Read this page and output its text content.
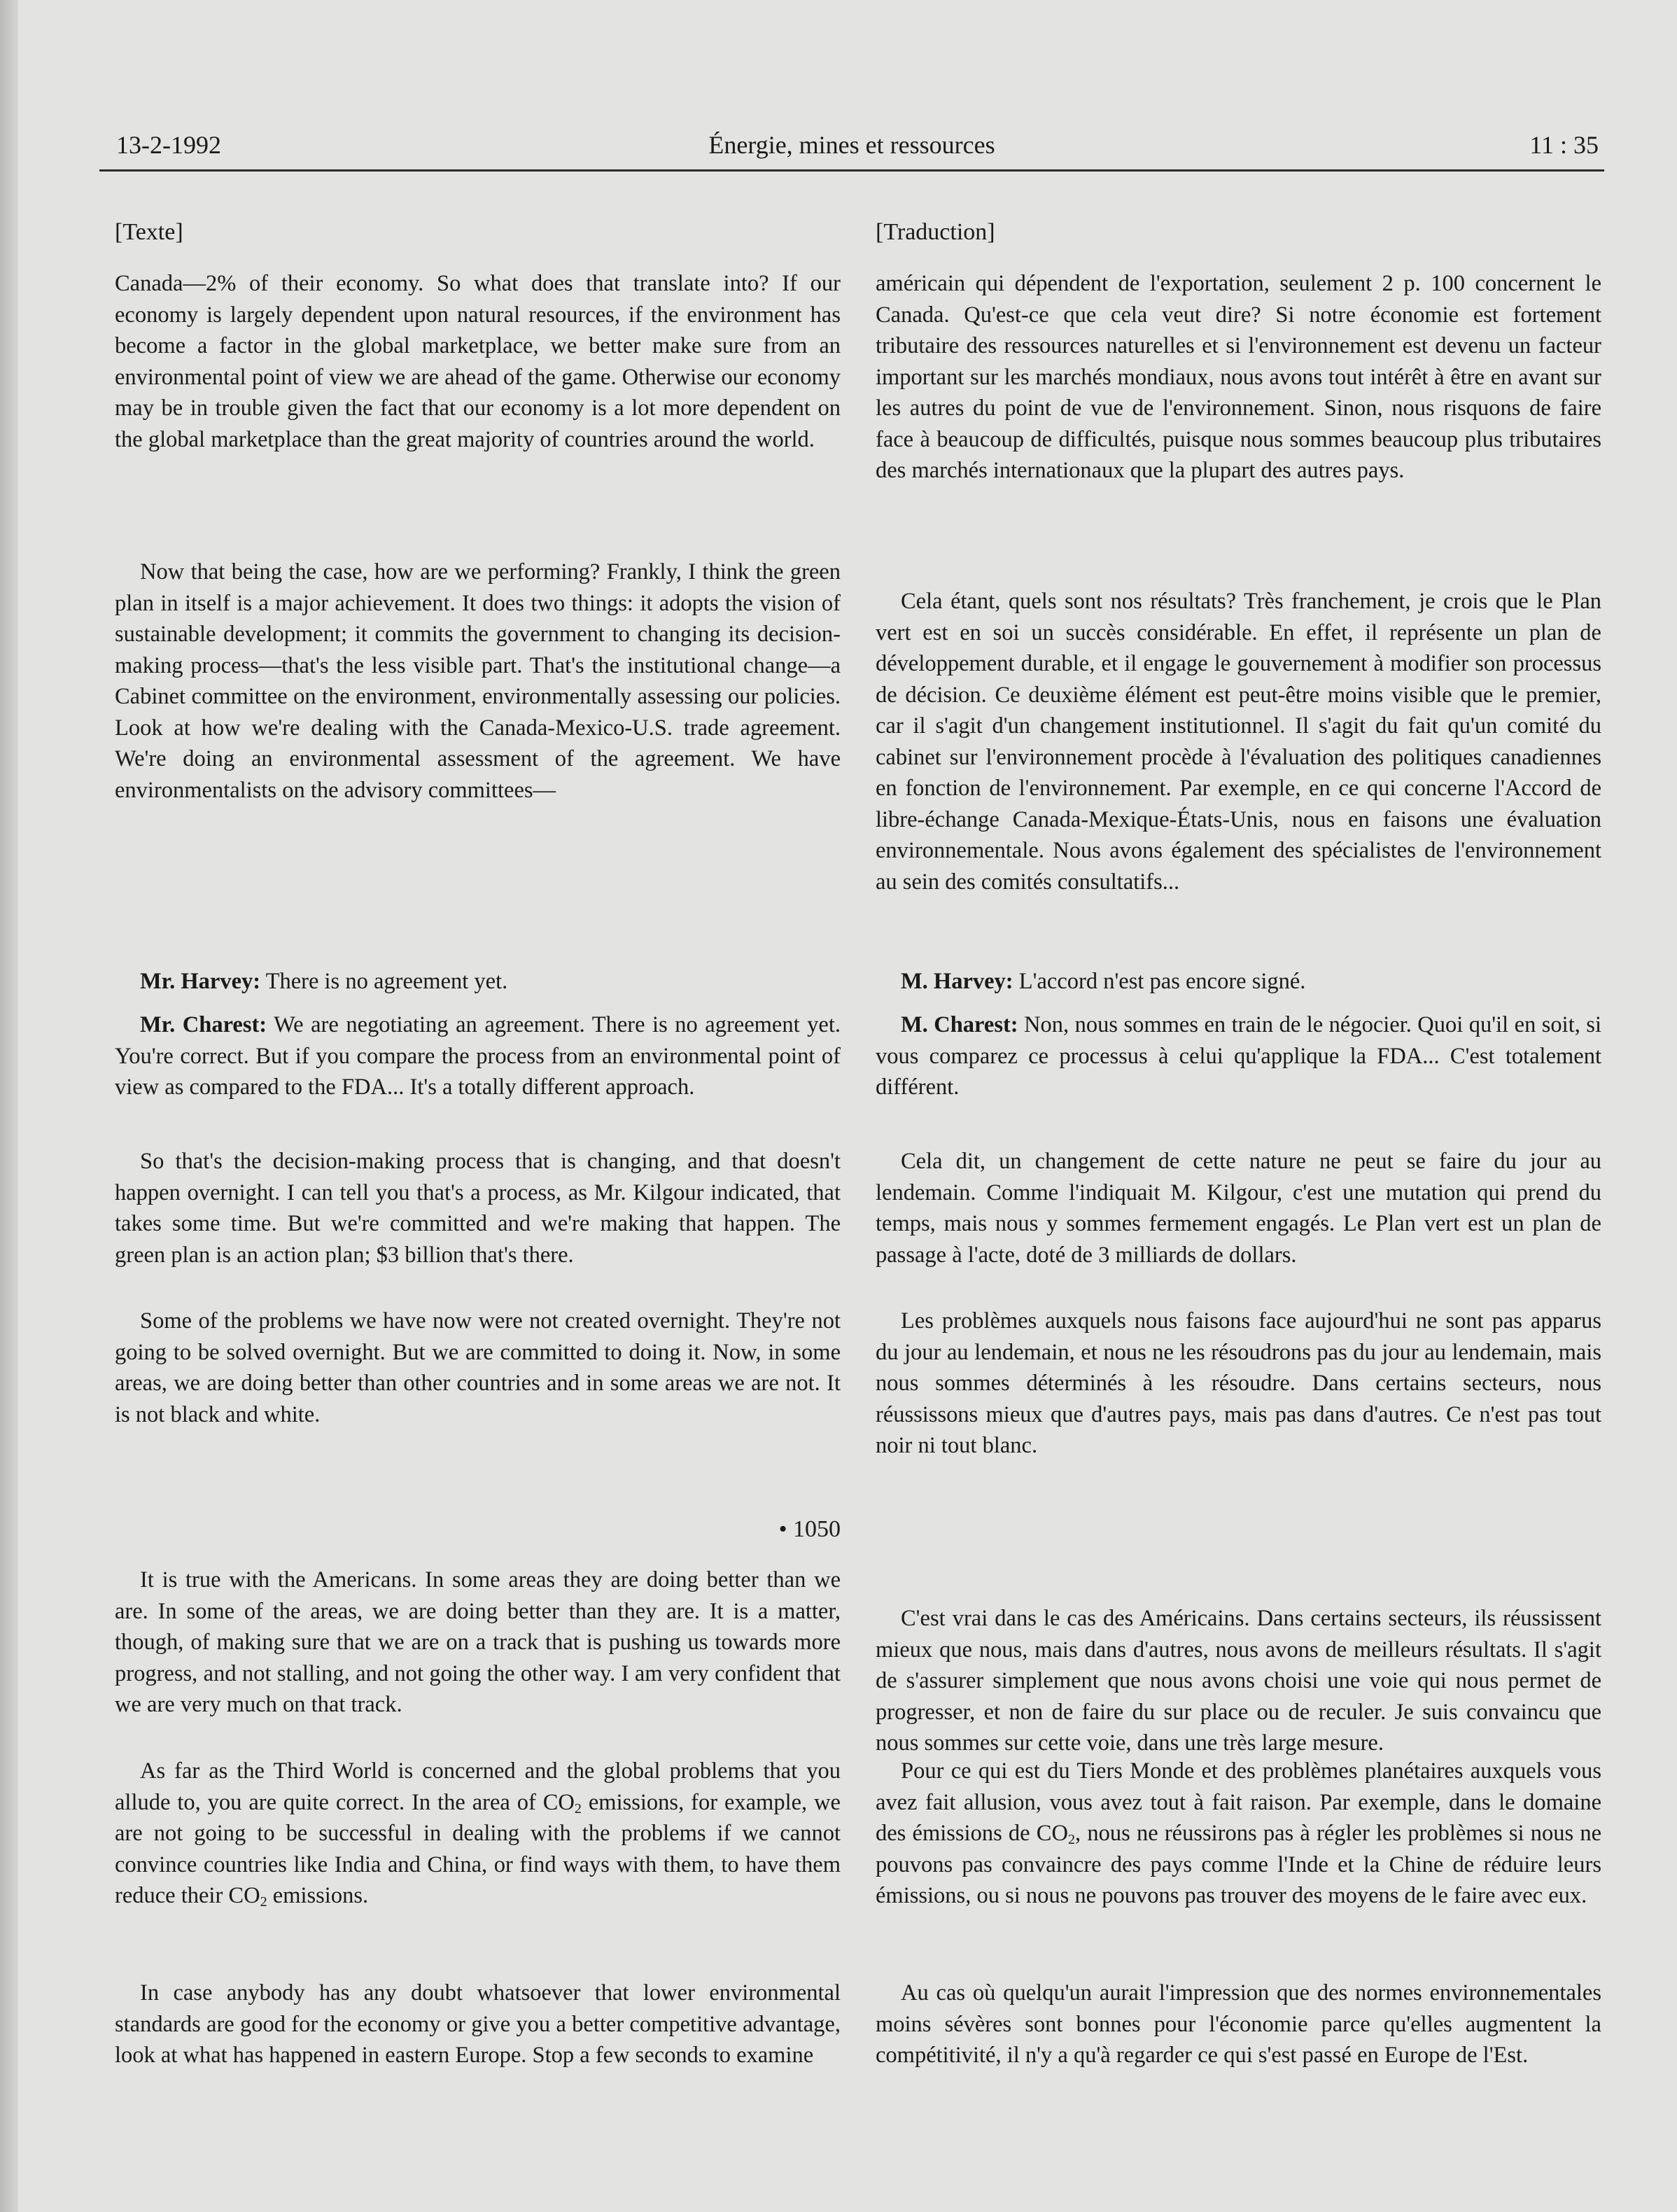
13-2-1992	Énergie, mines et ressources	11 : 35
[Texte]

Canada—2% of their economy. So what does that translate into? If our economy is largely dependent upon natural resources, if the environment has become a factor in the global marketplace, we better make sure from an environmental point of view we are ahead of the game. Otherwise our economy may be in trouble given the fact that our economy is a lot more dependent on the global marketplace than the great majority of countries around the world.

Now that being the case, how are we performing? Frankly, I think the green plan in itself is a major achievement. It does two things: it adopts the vision of sustainable development; it commits the government to changing its decision-making process—that's the less visible part. That's the institutional change—a Cabinet committee on the environment, environmentally assessing our policies. Look at how we're dealing with the Canada-Mexico-U.S. trade agreement. We're doing an environmental assessment of the agreement. We have environmentalists on the advisory committees—

Mr. Harvey: There is no agreement yet.

Mr. Charest: We are negotiating an agreement. There is no agreement yet. You're correct. But if you compare the process from an environmental point of view as compared to the FDA... It's a totally different approach.

So that's the decision-making process that is changing, and that doesn't happen overnight. I can tell you that's a process, as Mr. Kilgour indicated, that takes some time. But we're committed and we're making that happen. The green plan is an action plan; $3 billion that's there.

Some of the problems we have now were not created overnight. They're not going to be solved overnight. But we are committed to doing it. Now, in some areas, we are doing better than other countries and in some areas we are not. It is not black and white.

• 1050

It is true with the Americans. In some areas they are doing better than we are. In some of the areas, we are doing better than they are. It is a matter, though, of making sure that we are on a track that is pushing us towards more progress, and not stalling, and not going the other way. I am very confident that we are very much on that track.

As far as the Third World is concerned and the global problems that you allude to, you are quite correct. In the area of $CO_2$ emissions, for example, we are not going to be successful in dealing with the problems if we cannot convince countries like India and China, or find ways with them, to have them reduce their $CO_2$ emissions.

In case anybody has any doubt whatsoever that lower environmental standards are good for the economy or give you a better competitive advantage, look at what has happened in eastern Europe. Stop a few seconds to examine

[Traduction]

américain qui dépendent de l'exportation, seulement 2 p. 100 concernent le Canada. Qu'est-ce que cela veut dire? Si notre économie est fortement tributaire des ressources naturelles et si l'environnement est devenu un facteur important sur les marchés mondiaux, nous avons tout intérêt à être en avant sur les autres du point de vue de l'environnement. Sinon, nous risquons de faire face à beaucoup de difficultés, puisque nous sommes beaucoup plus tributaires des marchés internationaux que la plupart des autres pays.

Cela étant, quels sont nos résultats? Très franchement, je crois que le Plan vert est en soi un succès considérable. En effet, il représente un plan de développement durable, et il engage le gouvernement à modifier son processus de décision. Ce deuxième élément est peut-être moins visible que le premier, car il s'agit d'un changement institutionnel. Il s'agit du fait qu'un comité du cabinet sur l'environnement procède à l'évaluation des politiques canadiennes en fonction de l'environnement. Par exemple, en ce qui concerne l'Accord de libre-échange Canada-Mexique-États-Unis, nous en faisons une évaluation environnementale. Nous avons également des spécialistes de l'environnement au sein des comités consultatifs...

M. Harvey: L'accord n'est pas encore signé.

M. Charest: Non, nous sommes en train de le négocier. Quoi qu'il en soit, si vous comparez ce processus à celui qu'applique la FDA... C'est totalement différent.

Cela dit, un changement de cette nature ne peut se faire du jour au lendemain. Comme l'indiquait M. Kilgour, c'est une mutation qui prend du temps, mais nous y sommes fermement engagés. Le Plan vert est un plan de passage à l'acte, doté de 3 milliards de dollars.

Les problèmes auxquels nous faisons face aujourd'hui ne sont pas apparus du jour au lendemain, et nous ne les résoudrons pas du jour au lendemain, mais nous sommes déterminés à les résoudre. Dans certains secteurs, nous réussissons mieux que d'autres pays, mais pas dans d'autres. Ce n'est pas tout noir ni tout blanc.

C'est vrai dans le cas des Américains. Dans certains secteurs, ils réussissent mieux que nous, mais dans d'autres, nous avons de meilleurs résultats. Il s'agit de s'assurer simplement que nous avons choisi une voie qui nous permet de progresser, et non de faire du sur place ou de reculer. Je suis convaincu que nous sommes sur cette voie, dans une très large mesure.

Pour ce qui est du Tiers Monde et des problèmes planétaires auxquels vous avez fait allusion, vous avez tout à fait raison. Par exemple, dans le domaine des émissions de $CO_2$, nous ne réussirons pas à régler les problèmes si nous ne pouvons pas convaincre des pays comme l'Inde et la Chine de réduire leurs émissions, ou si nous ne pouvons pas trouver des moyens de le faire avec eux.

Au cas où quelqu'un aurait l'impression que des normes environnementales moins sévères sont bonnes pour l'économie parce qu'elles augmentent la compétitivité, il n'y a qu'à regarder ce qui s'est passé en Europe de l'Est.
